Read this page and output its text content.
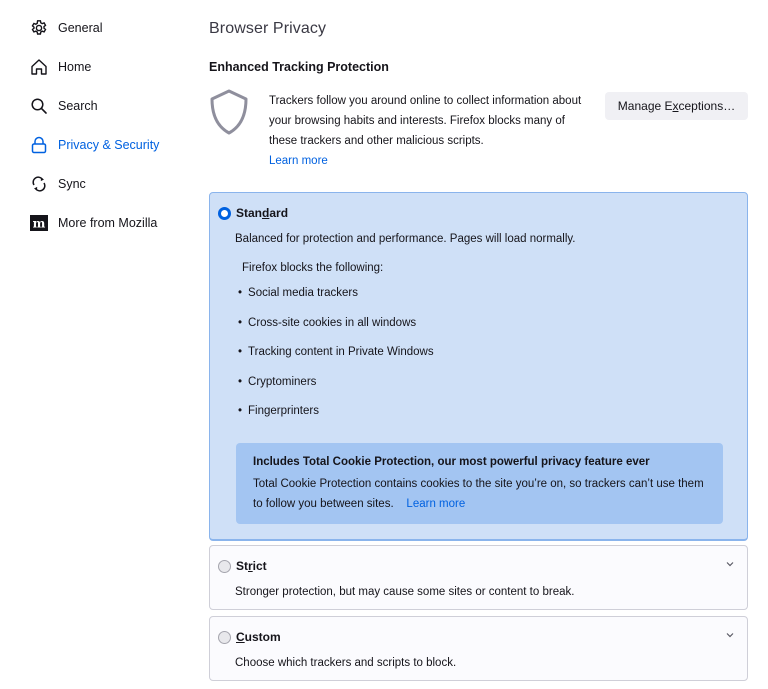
General
Home
Search
Privacy & Security
Sync
m More from Mozilla
Browser Privacy
Enhanced Tracking Protection
Trackers follow you around online to collect information about your browsing habits and interests. Firefox blocks many of these trackers and other malicious scripts.
Learn more
Manage Exceptions…
Standard
Balanced for protection and performance. Pages will load normally.
Firefox blocks the following:
• Social media trackers
• Cross-site cookies in all windows
• Tracking content in Private Windows
• Cryptominers
• Fingerprinters
Includes Total Cookie Protection, our most powerful privacy feature ever
Total Cookie Protection contains cookies to the site you’re on, so trackers can’t use them to follow you between sites. Learn more
Strict
Stronger protection, but may cause some sites or content to break.
Custom
Choose which trackers and scripts to block.
